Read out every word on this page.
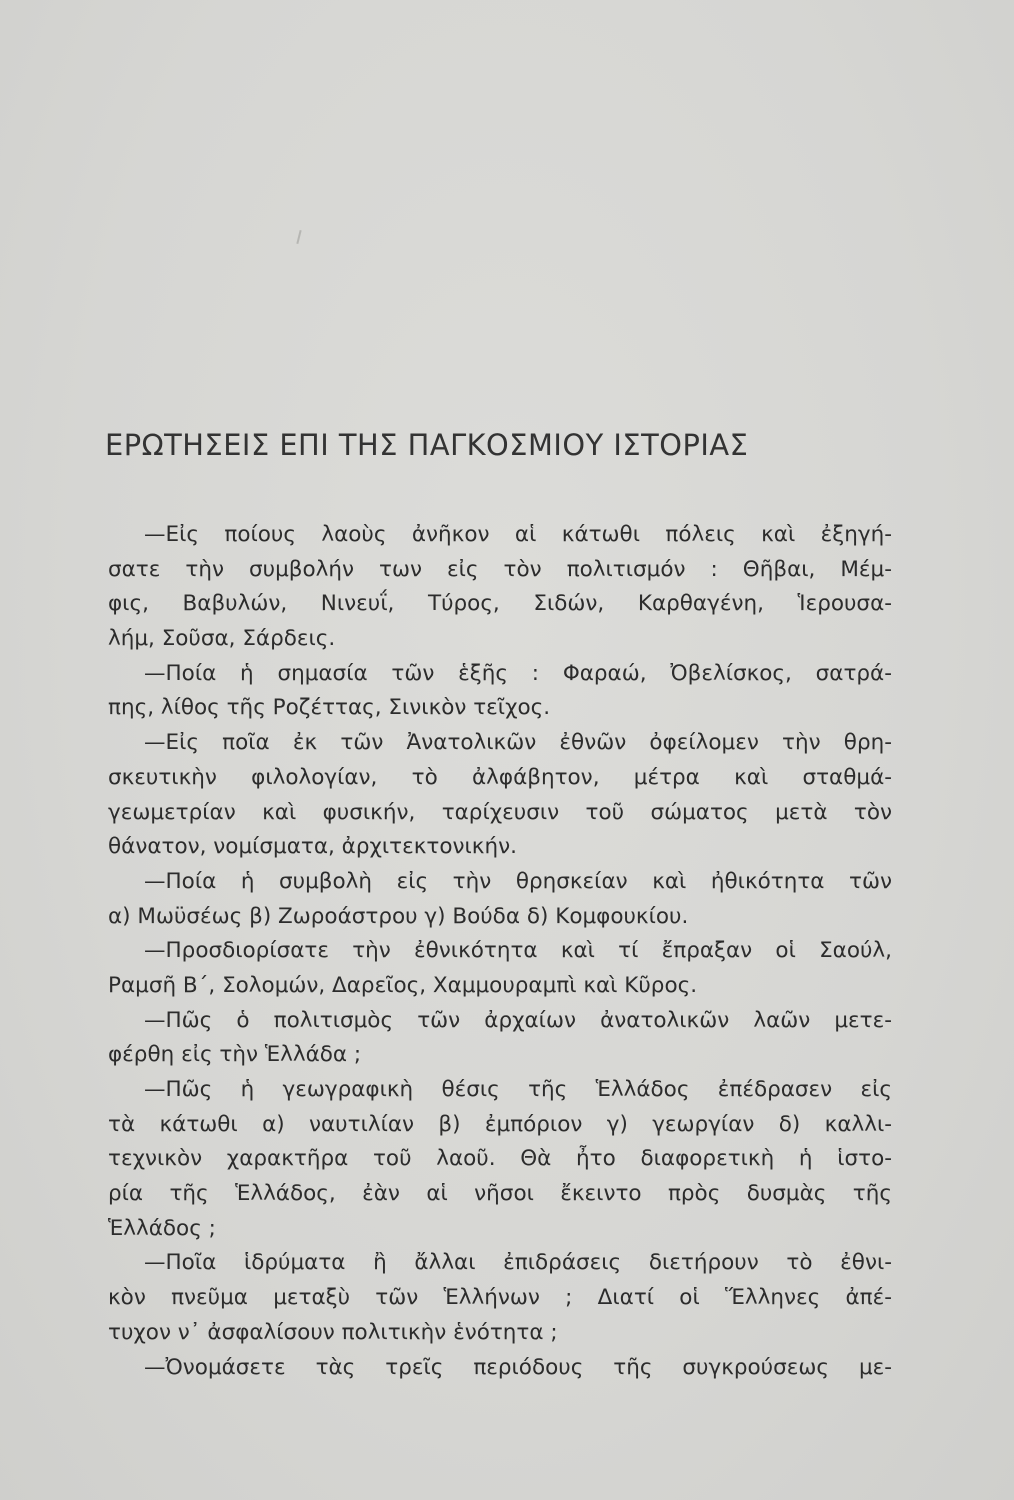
ΕΡΩΤΗΣΕΙΣ ΕΠΙ ΤΗΣ ΠΑΓΚΟΣΜΙΟΥ ΙΣΤΟΡΙΑΣ
—Εἰς ποίους λαοὺς ἀνῆκον αἱ κάτωθι πόλεις καὶ ἐξηγή-
σατε τὴν συμβολήν των εἰς τὸν πολιτισμόν : Θῆβαι, Μέμ-
φις, Βαβυλών, Νινευΐ, Τύρος, Σιδών, Καρθαγένη, Ἱερουσα-
λήμ, Σοῦσα, Σάρδεις.
—Ποία ἡ σημασία τῶν ἑξῆς : Φαραώ, Ὀβελίσκος, σατρά-
πης, λίθος τῆς Ροζέττας, Σινικὸν τεῖχος.
—Εἰς ποῖα ἐκ τῶν Ἀνατολικῶν ἐθνῶν ὀφείλομεν τὴν θρη-
σκευτικὴν φιλολογίαν, τὸ ἀλφάβητον, μέτρα καὶ σταθμά-
γεωμετρίαν καὶ φυσικήν, ταρίχευσιν τοῦ σώματος μετὰ τὸν
θάνατον, νομίσματα, ἀρχιτεκτονικήν.
—Ποία ἡ συμβολὴ εἰς τὴν θρησκείαν καὶ ἠθικότητα τῶν
α) Μωϋσέως β) Ζωροάστρου γ) Βούδα δ) Κομφουκίου.
—Προσδιορίσατε τὴν ἐθνικότητα καὶ τί ἔπραξαν οἱ Σαούλ,
Ραμσῆ Β΄, Σολομών, Δαρεῖος, Χαμμουραμπὶ καὶ Κῦρος.
—Πῶς ὁ πολιτισμὸς τῶν ἀρχαίων ἀνατολικῶν λαῶν μετε-
φέρθη εἰς τὴν Ἑλλάδα ;
—Πῶς ἡ γεωγραφικὴ θέσις τῆς Ἑλλάδος ἐπέδρασεν εἰς
τὰ κάτωθι α) ναυτιλίαν β) ἐμπόριον γ) γεωργίαν δ) καλλι-
τεχνικὸν χαρακτῆρα τοῦ λαοῦ. Θὰ ἦτο διαφορετικὴ ἡ ἱστο-
ρία τῆς Ἑλλάδος, ἐὰν αἱ νῆσοι ἔκειντο πρὸς δυσμὰς τῆς
Ἑλλάδος ;
—Ποῖα ἱδρύματα ἢ ἄλλαι ἐπιδράσεις διετήρουν τὸ ἐθνι-
κὸν πνεῦμα μεταξὺ τῶν Ἑλλήνων ; Διατί οἱ Ἕλληνες ἀπέ-
τυχον ν᾿ ἀσφαλίσουν πολιτικὴν ἑνότητα ;
—Ὀνομάσετε τὰς τρεῖς περιόδους τῆς συγκρούσεως με-
